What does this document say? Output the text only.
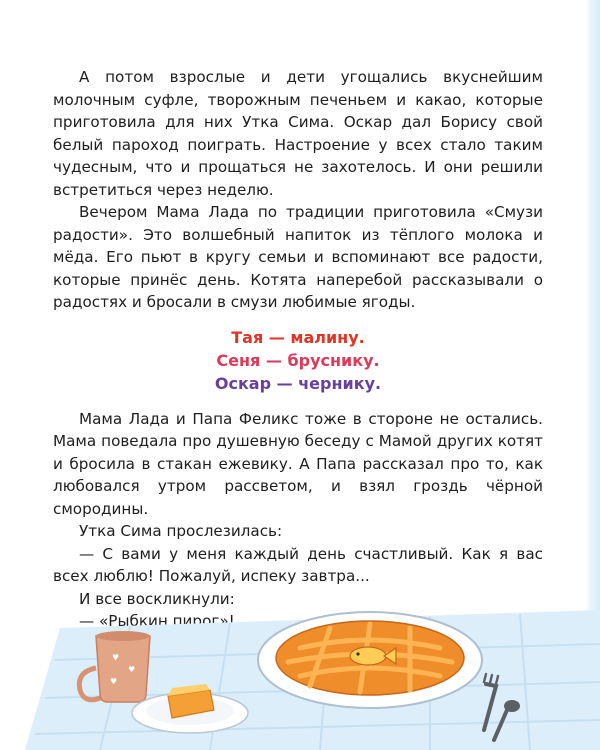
А потом взрослые и дети угощались вкуснейшим молочным суфле, творожным печеньем и какао, которые приготовила для них Утка Сима. Оскар дал Борису свой белый пароход поиграть. Настроение у всех стало таким чудесным, что и прощаться не захотелось. И они решили встретиться через неделю.

Вечером Мама Лада по традиции приготовила «Смузи радости». Это волшебный напиток из тёплого молока и мёда. Его пьют в кругу семьи и вспоминают все радости, которые принёс день. Котята наперебой рассказывали о радостях и бросали в смузи любимые ягоды.

Тая — малину.

Сеня — бруснику.

Оскар — чернику.

Мама Лада и Папа Феликс тоже в стороне не остались. Мама поведала про душевную беседу с Мамой других котят и бросила в стакан ежевику. А Папа рассказал про то, как любовался утром рассветом, и взял гроздь чёрной смородины.

Утка Сима прослезилась:

— С вами у меня каждый день счастливый. Как я вас всех люблю! Пожалуй, испеку завтра...

И все воскликнули:

— «Рыбкин пирог»!

♥
♥
♥
